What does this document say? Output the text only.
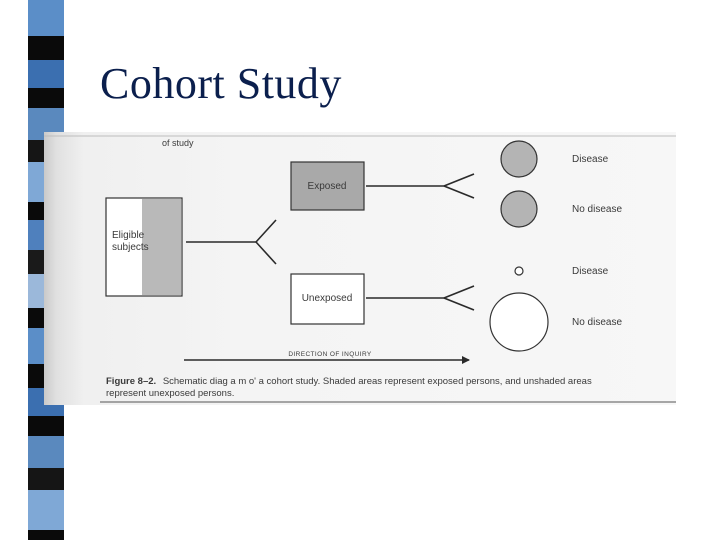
Cohort Study
of study
Eligible
subjects
Exposed
Unexposed
Disease
No disease
Disease
No disease
DIRECTION OF INQUIRY
Figure 8–2. Schematic diag a m o' a cohort study. Shaded areas represent exposed persons, and unshaded areas
represent unexposed persons.
